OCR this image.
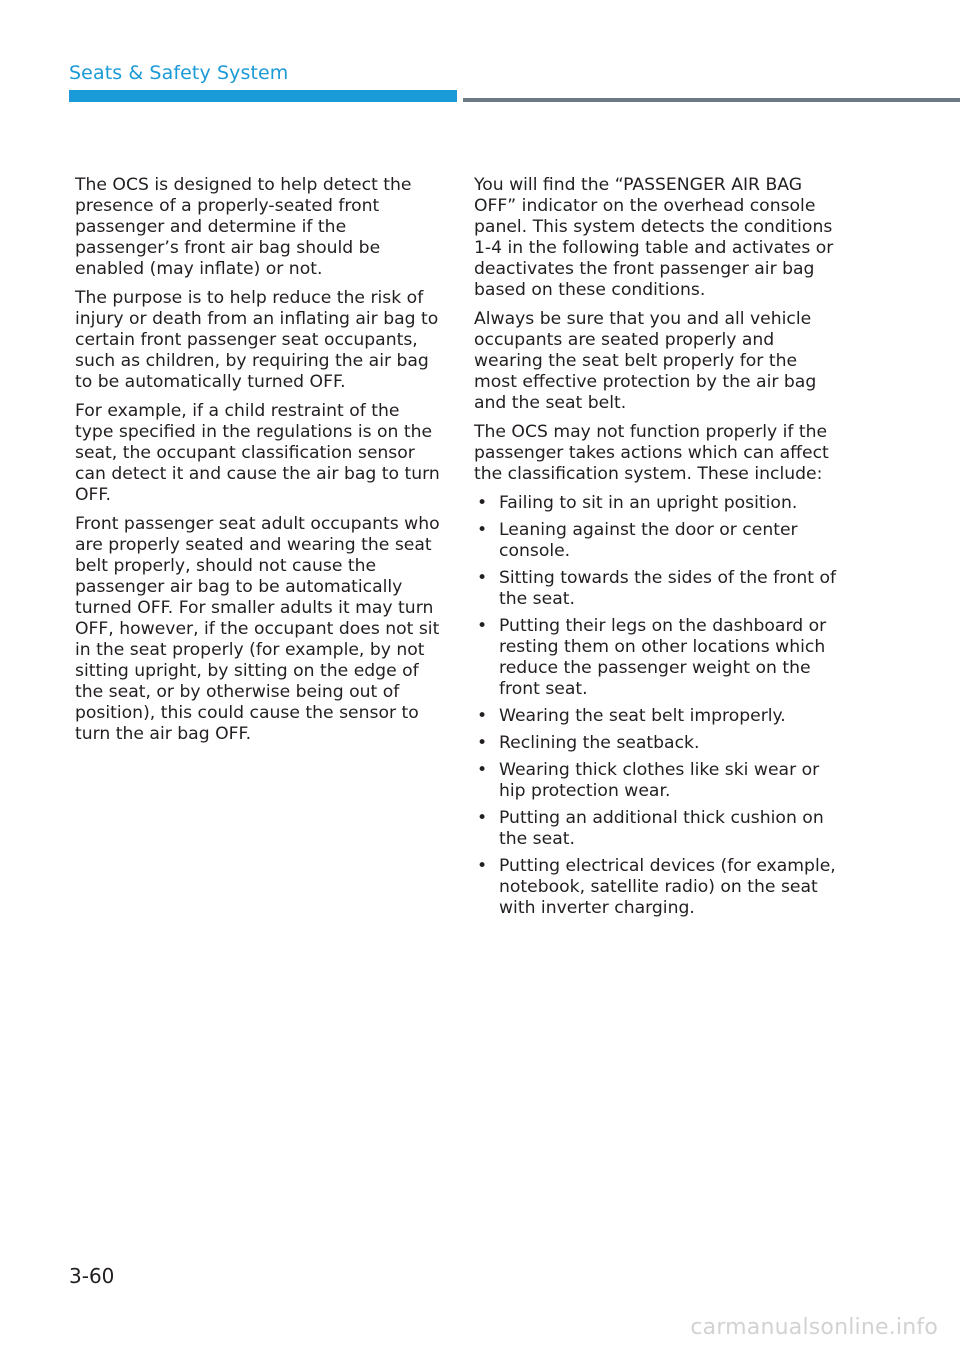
Seats & Safety System

The OCS is designed to help detect the presence of a properly-seated front passenger and determine if the passenger’s front air bag should be enabled (may inflate) or not.

The purpose is to help reduce the risk of injury or death from an inflating air bag to certain front passenger seat occupants, such as children, by requiring the air bag to be automatically turned OFF.

For example, if a child restraint of the type specified in the regulations is on the seat, the occupant classification sensor can detect it and cause the air bag to turn OFF.

Front passenger seat adult occupants who are properly seated and wearing the seat belt properly, should not cause the passenger air bag to be automatically turned OFF. For smaller adults it may turn OFF, however, if the occupant does not sit in the seat properly (for example, by not sitting upright, by sitting on the edge of the seat, or by otherwise being out of position), this could cause the sensor to turn the air bag OFF.

You will find the “PASSENGER AIR BAG OFF” indicator on the overhead console panel. This system detects the conditions 1-4 in the following table and activates or deactivates the front passenger air bag based on these conditions.

Always be sure that you and all vehicle occupants are seated properly and wearing the seat belt properly for the most effective protection by the air bag and the seat belt.

The OCS may not function properly if the passenger takes actions which can affect the classification system. These include:

• Failing to sit in an upright position.
• Leaning against the door or center console.
• Sitting towards the sides of the front of the seat.
• Putting their legs on the dashboard or resting them on other locations which reduce the passenger weight on the front seat.
• Wearing the seat belt improperly.
• Reclining the seatback.
• Wearing thick clothes like ski wear or hip protection wear.
• Putting an additional thick cushion on the seat.
• Putting electrical devices (for example, notebook, satellite radio) on the seat with inverter charging.
3-60
carmanualsonline.info
